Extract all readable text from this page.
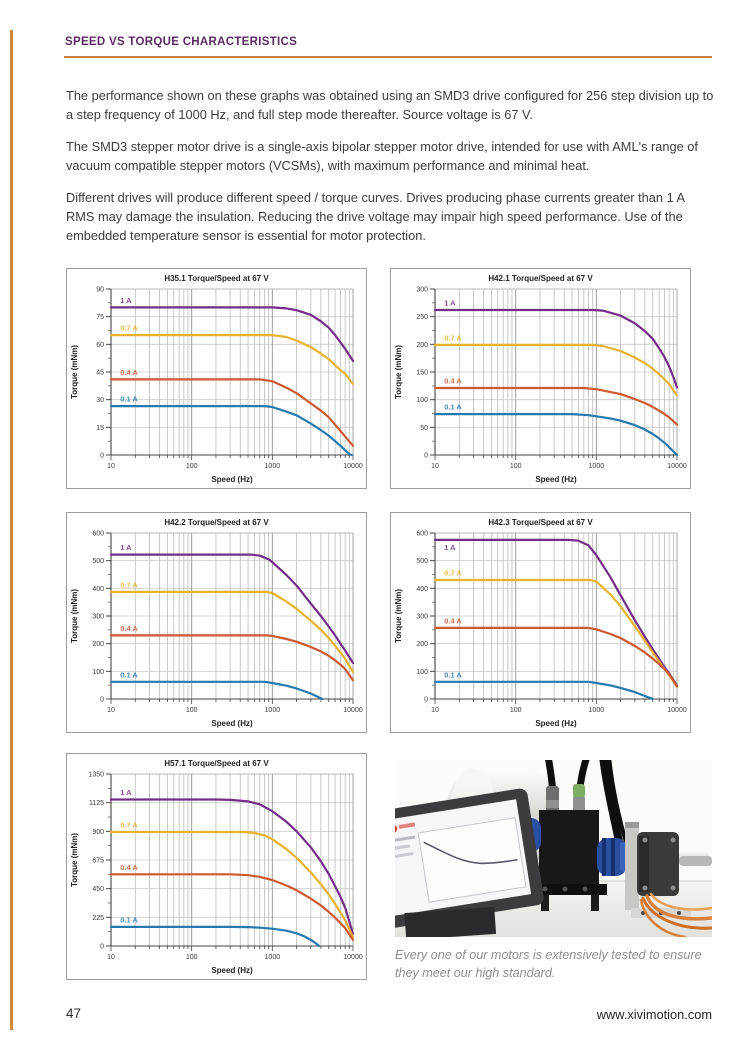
SPEED VS TORQUE CHARACTERISTICS

The performance shown on these graphs was obtained using an SMD3 drive configured for 256 step division up to a step frequency of 1000 Hz, and full step mode thereafter. Source voltage is 67 V.

The SMD3 stepper motor drive is a single-axis bipolar stepper motor drive, intended for use with AML's range of vacuum compatible stepper motors (VCSMs), with maximum performance and minimal heat.

Different drives will produce different speed / torque curves. Drives producing phase currents greater than 1 A RMS may damage the insulation. Reducing the drive voltage may impair high speed performance. Use of the embedded temperature sensor is essential for motor protection.

0
15
30
45
60
75
90
10	100	1000	10000
Speed (Hz)
Torque (mNm)
1 A
0.7 A
0.4 A
0.1 A
H35.1 Torque/Speed at 67 V
0
50
100
150
200
250
300
10	100	1000	10000
Speed (Hz)
Torque (mNm)
1 A
0.7 A
0.4 A
0.1 A
H42.1 Torque/Speed at 67 V
0
100
200
300
400
500
600
10	100	1000	10000
Speed (Hz)
Torque (mNm)
1 A
0.7 A
0.4 A
0.1 A
H42.2 Torque/Speed at 67 V
0
100
200
300
400
500
600
10	100	1000	10000
Speed (Hz)
Torque (mNm)
1 A
0.7 A
0.4 A
0.1 A
H42.3 Torque/Speed at 67 V
0
225
450
675
900
1125
1350
10	100	1000	10000
Speed (Hz)
Torque (mNm)
1 A
0.7 A
0.4 A
0.1 A
H57.1 Torque/Speed at 67 V
Every one of our motors is extensively tested to ensure they meet our high standard.
47	www.xivimotion.com
